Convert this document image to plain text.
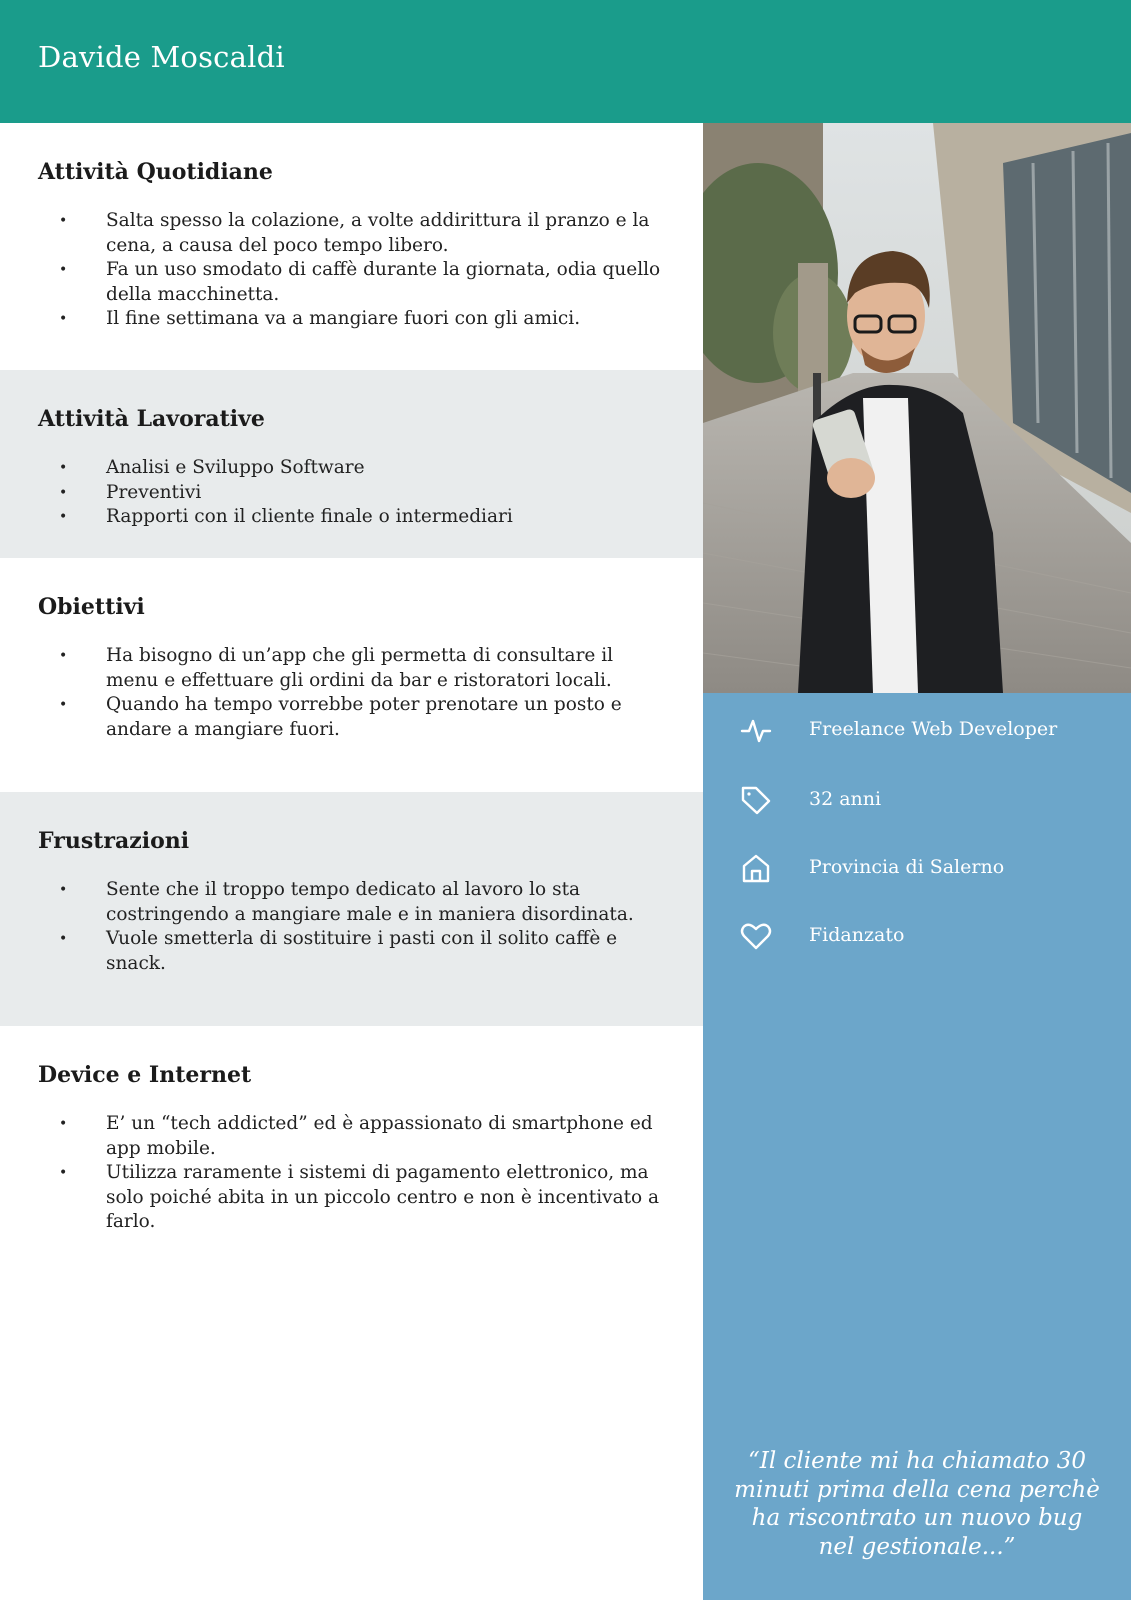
Davide Moscaldi
Attività Quotidiane
• Salta spesso la colazione, a volte addirittura il pranzo e la cena, a causa del poco tempo libero.
• Fa un uso smodato di caffè durante la giornata, odia quello della macchinetta.
• Il fine settimana va a mangiare fuori con gli amici.
Attività Lavorative
• Analisi e Sviluppo Software
• Preventivi
• Rapporti con il cliente finale o intermediari
Obiettivi
• Ha bisogno di un’app che gli permetta di consultare il menu e effettuare gli ordini da bar e ristoratori locali.
• Quando ha tempo vorrebbe poter prenotare un posto e andare a mangiare fuori.
Frustrazioni
• Sente che il troppo tempo dedicato al lavoro lo sta costringendo a mangiare male e in maniera disordinata.
• Vuole smetterla di sostituire i pasti con il solito caffè e snack.
Device e Internet
• E’ un “tech addicted” ed è appassionato di smartphone ed app mobile.
• Utilizza raramente i sistemi di pagamento elettronico, ma solo poiché abita in un piccolo centro e non è incentivato a farlo.
Freelance Web Developer
32 anni
Provincia di Salerno
Fidanzato
“Il cliente mi ha chiamato 30 minuti prima della cena perchè ha riscontrato un nuovo bug nel gestionale...”
